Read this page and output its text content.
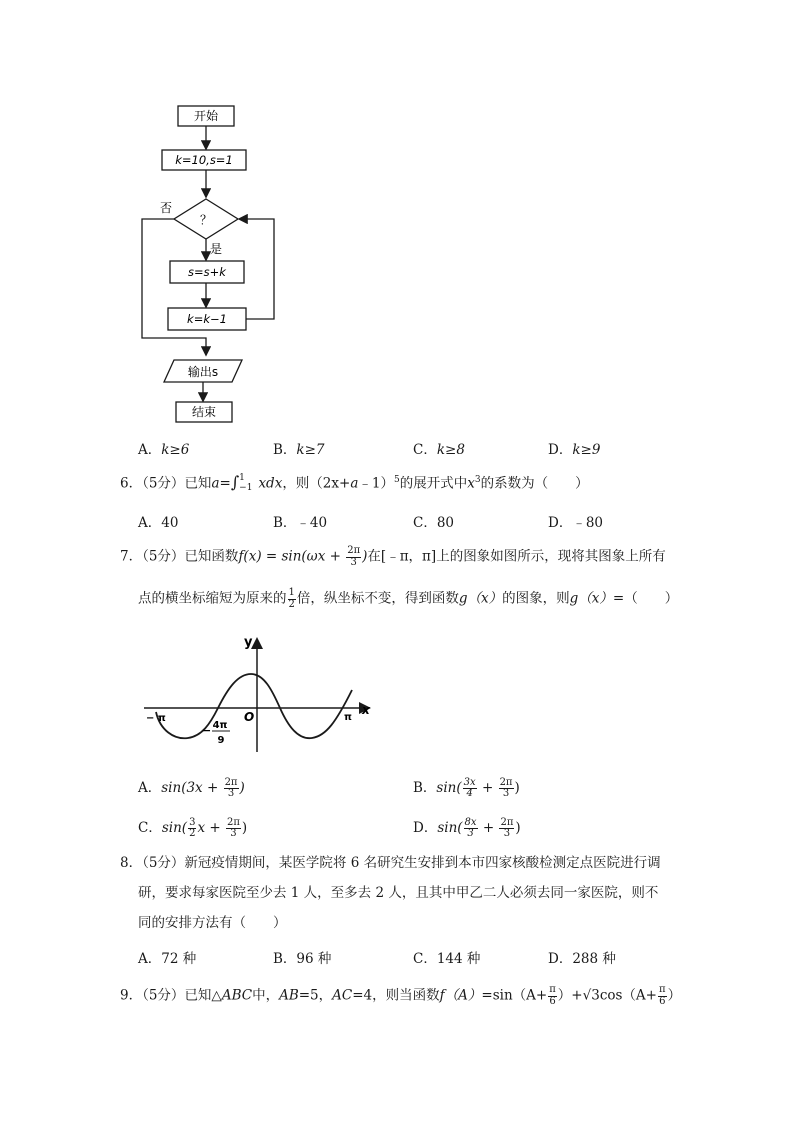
开始
k=10,s=1
？
否
是
s=s+k
k=k−1
输出s
结束
A．k≥6	B．k≥7	C．k≥8	D．k≥9
6．（5分）已知a=∫ 1
−1 xdx，则（2x+a﹣1）$^5$的展开式中$x^3$的系数为（　　）
A．40	B．﹣40	C．80	D．﹣80
7．（5分）已知函数$f(x) = \sin(\omega x + \frac{2\pi}{3}$ )在[﹣π，π]上的图象如图所示，现将其图象上所有
点的横坐标缩短为原来的 $\frac{1}{2}$ 倍，纵坐标不变，得到函数g（x）的图象，则g（x）=（　　）
y
x
O
− π	π
− 4π
9
A．$\sin(3x + \frac{2\pi}{3}$ )	B．$\sin( \frac{3x}{4} + \frac{2\pi}{3}$ )
C．$\sin( \frac{3}{2}$ $x + \frac{2\pi}{3}$ )	D．$\sin( \frac{8x}{3} + \frac{2\pi}{3}$ )
8．（5分）新冠疫情期间，某医学院将 6 名研究生安排到本市四家核酸检测定点医院进行调
研，要求每家医院至少去 1 人，至多去 2 人，且其中甲乙二人必须去同一家医院，则不
同的安排方法有（　　）
A．72 种	B．96 种	C．144 种	D．288 种
9．（5分）已知△ABC中，AB=5，AC=4，则当函数$f(A)=\sin(A+ \frac{\pi}{6} )+√3\cos(A+ \frac{\pi}{6}$ ）
